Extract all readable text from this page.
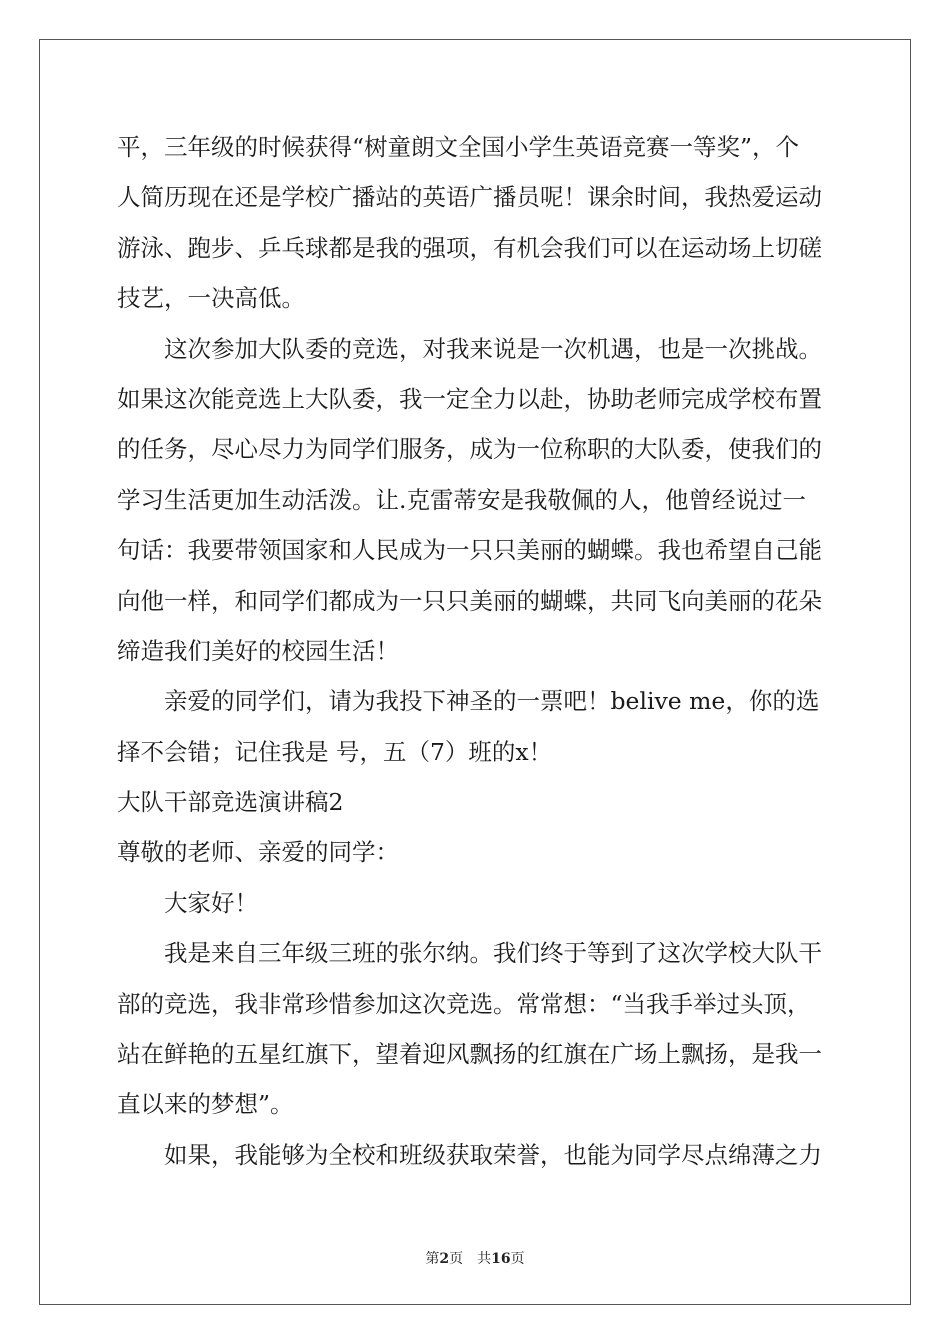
平，三年级的时候获得“树童朗文全国小学生英语竞赛一等奖”，个
人简历现在还是学校广播站的英语广播员呢！课余时间，我热爱运动
游泳、跑步、乒乓球都是我的强项，有机会我们可以在运动场上切磋
技艺，一决高低。
这次参加大队委的竞选，对我来说是一次机遇，也是一次挑战。
如果这次能竞选上大队委，我一定全力以赴，协助老师完成学校布置
的任务，尽心尽力为同学们服务，成为一位称职的大队委，使我们的
学习生活更加生动活泼。让.克雷蒂安是我敬佩的人，他曾经说过一
句话：我要带领国家和人民成为一只只美丽的蝴蝶。我也希望自己能
向他一样，和同学们都成为一只只美丽的蝴蝶，共同飞向美丽的花朵
缔造我们美好的校园生活！
亲爱的同学们，请为我投下神圣的一票吧！belive me，你的选
择不会错；记住我是 号，五（7）班的x！
大队干部竞选演讲稿2
尊敬的老师、亲爱的同学：
大家好！
我是来自三年级三班的张尔纳。我们终于等到了这次学校大队干
部的竞选，我非常珍惜参加这次竞选。常常想：“当我手举过头顶，
站在鲜艳的五星红旗下，望着迎风飘扬的红旗在广场上飘扬，是我一
直以来的梦想”。
如果，我能够为全校和班级获取荣誉，也能为同学尽点绵薄之力
第2页 共16页
